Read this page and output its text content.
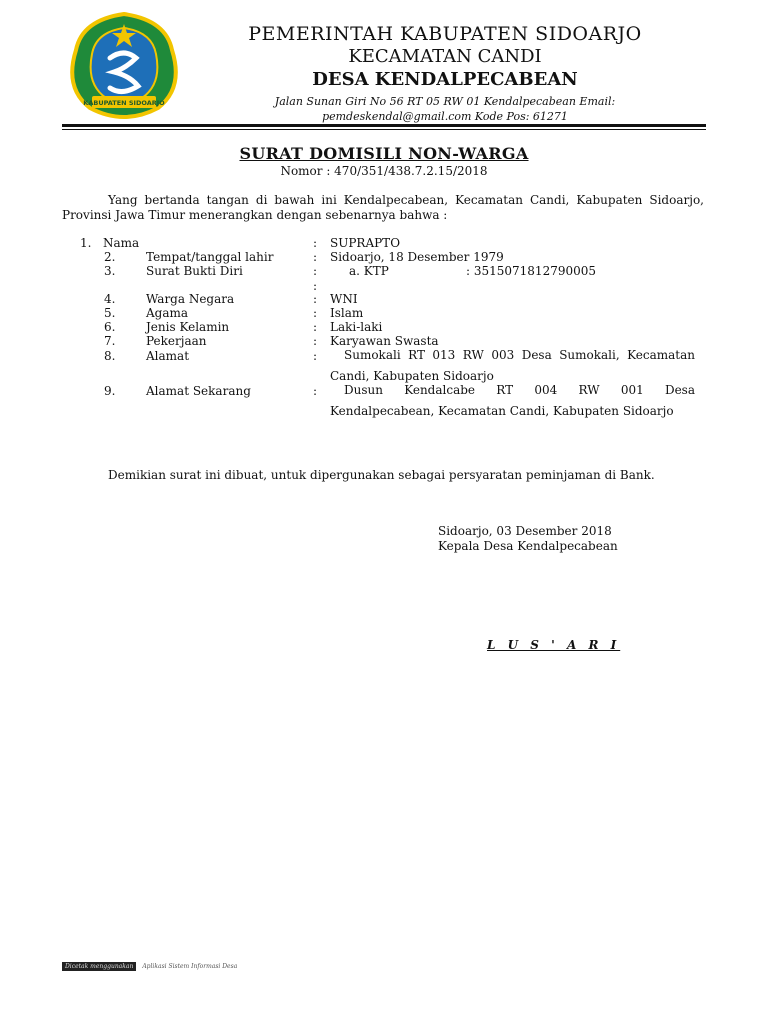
KABUPATEN SIDOARJO
PEMERINTAH KABUPATEN SIDOARJO
KECAMATAN CANDI
DESA KENDALPECABEAN
Jalan Sunan Giri No 56 RT 05 RW 01 Kendalpecabean Email:
pemdeskendal@gmail.com Kode Pos: 61271
SURAT DOMISILI NON-WARGA
Nomor : 470/351/438.7.2.15/2018
Yang bertanda tangan di bawah ini Kendalpecabean, Kecamatan Candi, Kabupaten Sidoarjo, Provinsi Jawa Timur menerangkan dengan sebenarnya bahwa :
1. Nama	: SUPRAPTO
2.	Tempat/tanggal lahir	: Sidoarjo, 18 Desember 1979
3.	Surat Bukti Diri	:	a. KTP	: 3515071812790005
:
4.	Warga Negara	: WNI
5.	Agama	: Islam
6.	Jenis Kelamin	: Laki-laki
7.	Pekerjaan	: Karyawan Swasta
8.	Alamat	:	Sumokali RT 013 RW 003 Desa Sumokali, Kecamatan Candi, Kabupaten Sidoarjo
9.	Alamat Sekarang	:	Dusun Kendalcabe RT 004 RW 001 Desa Kendalpecabean, Kecamatan Candi, Kabupaten Sidoarjo
Demikian surat ini dibuat, untuk dipergunakan sebagai persyaratan peminjaman di Bank.
Sidoarjo, 03 Desember 2018
Kepala Desa Kendalpecabean
L U S ' A R I
Dicetak menggunakan Aplikasi Sistem Informasi Desa
